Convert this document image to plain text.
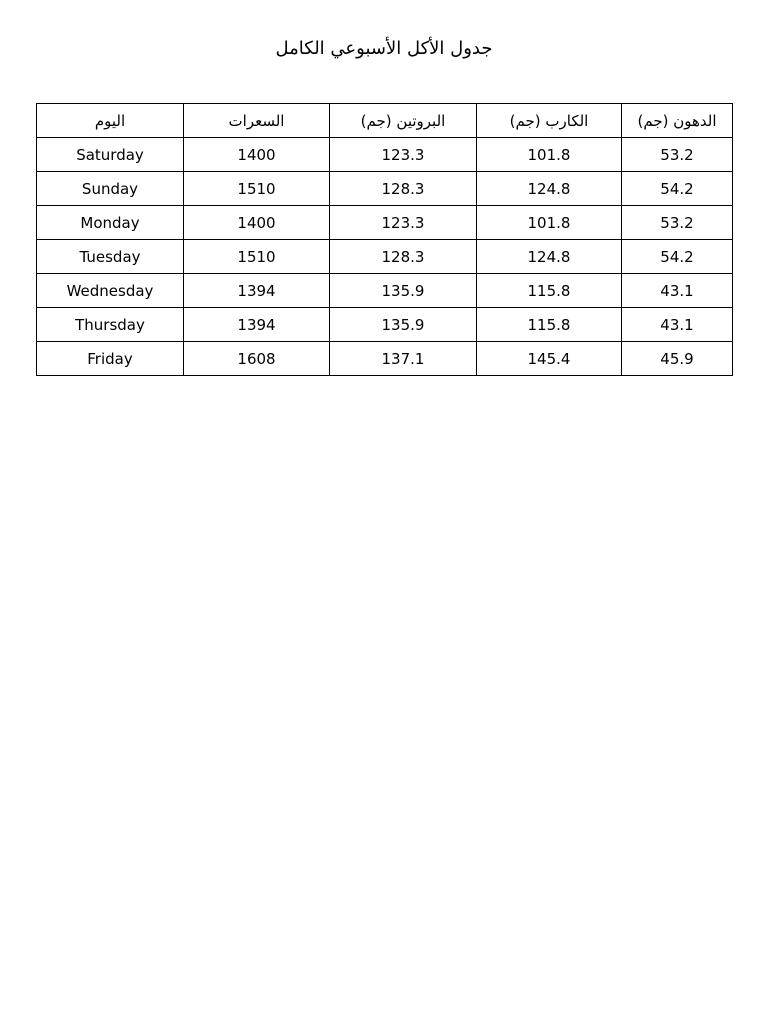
جدول الأكل الأسبوعي الكامل
اليوم	السعرات	البروتين (جم)	الكارب (جم)	الدهون (جم)
Saturday	1400	123.3	101.8	53.2
Sunday	1510	128.3	124.8	54.2
Monday	1400	123.3	101.8	53.2
Tuesday	1510	128.3	124.8	54.2
Wednesday	1394	135.9	115.8	43.1
Thursday	1394	135.9	115.8	43.1
Friday	1608	137.1	145.4	45.9
